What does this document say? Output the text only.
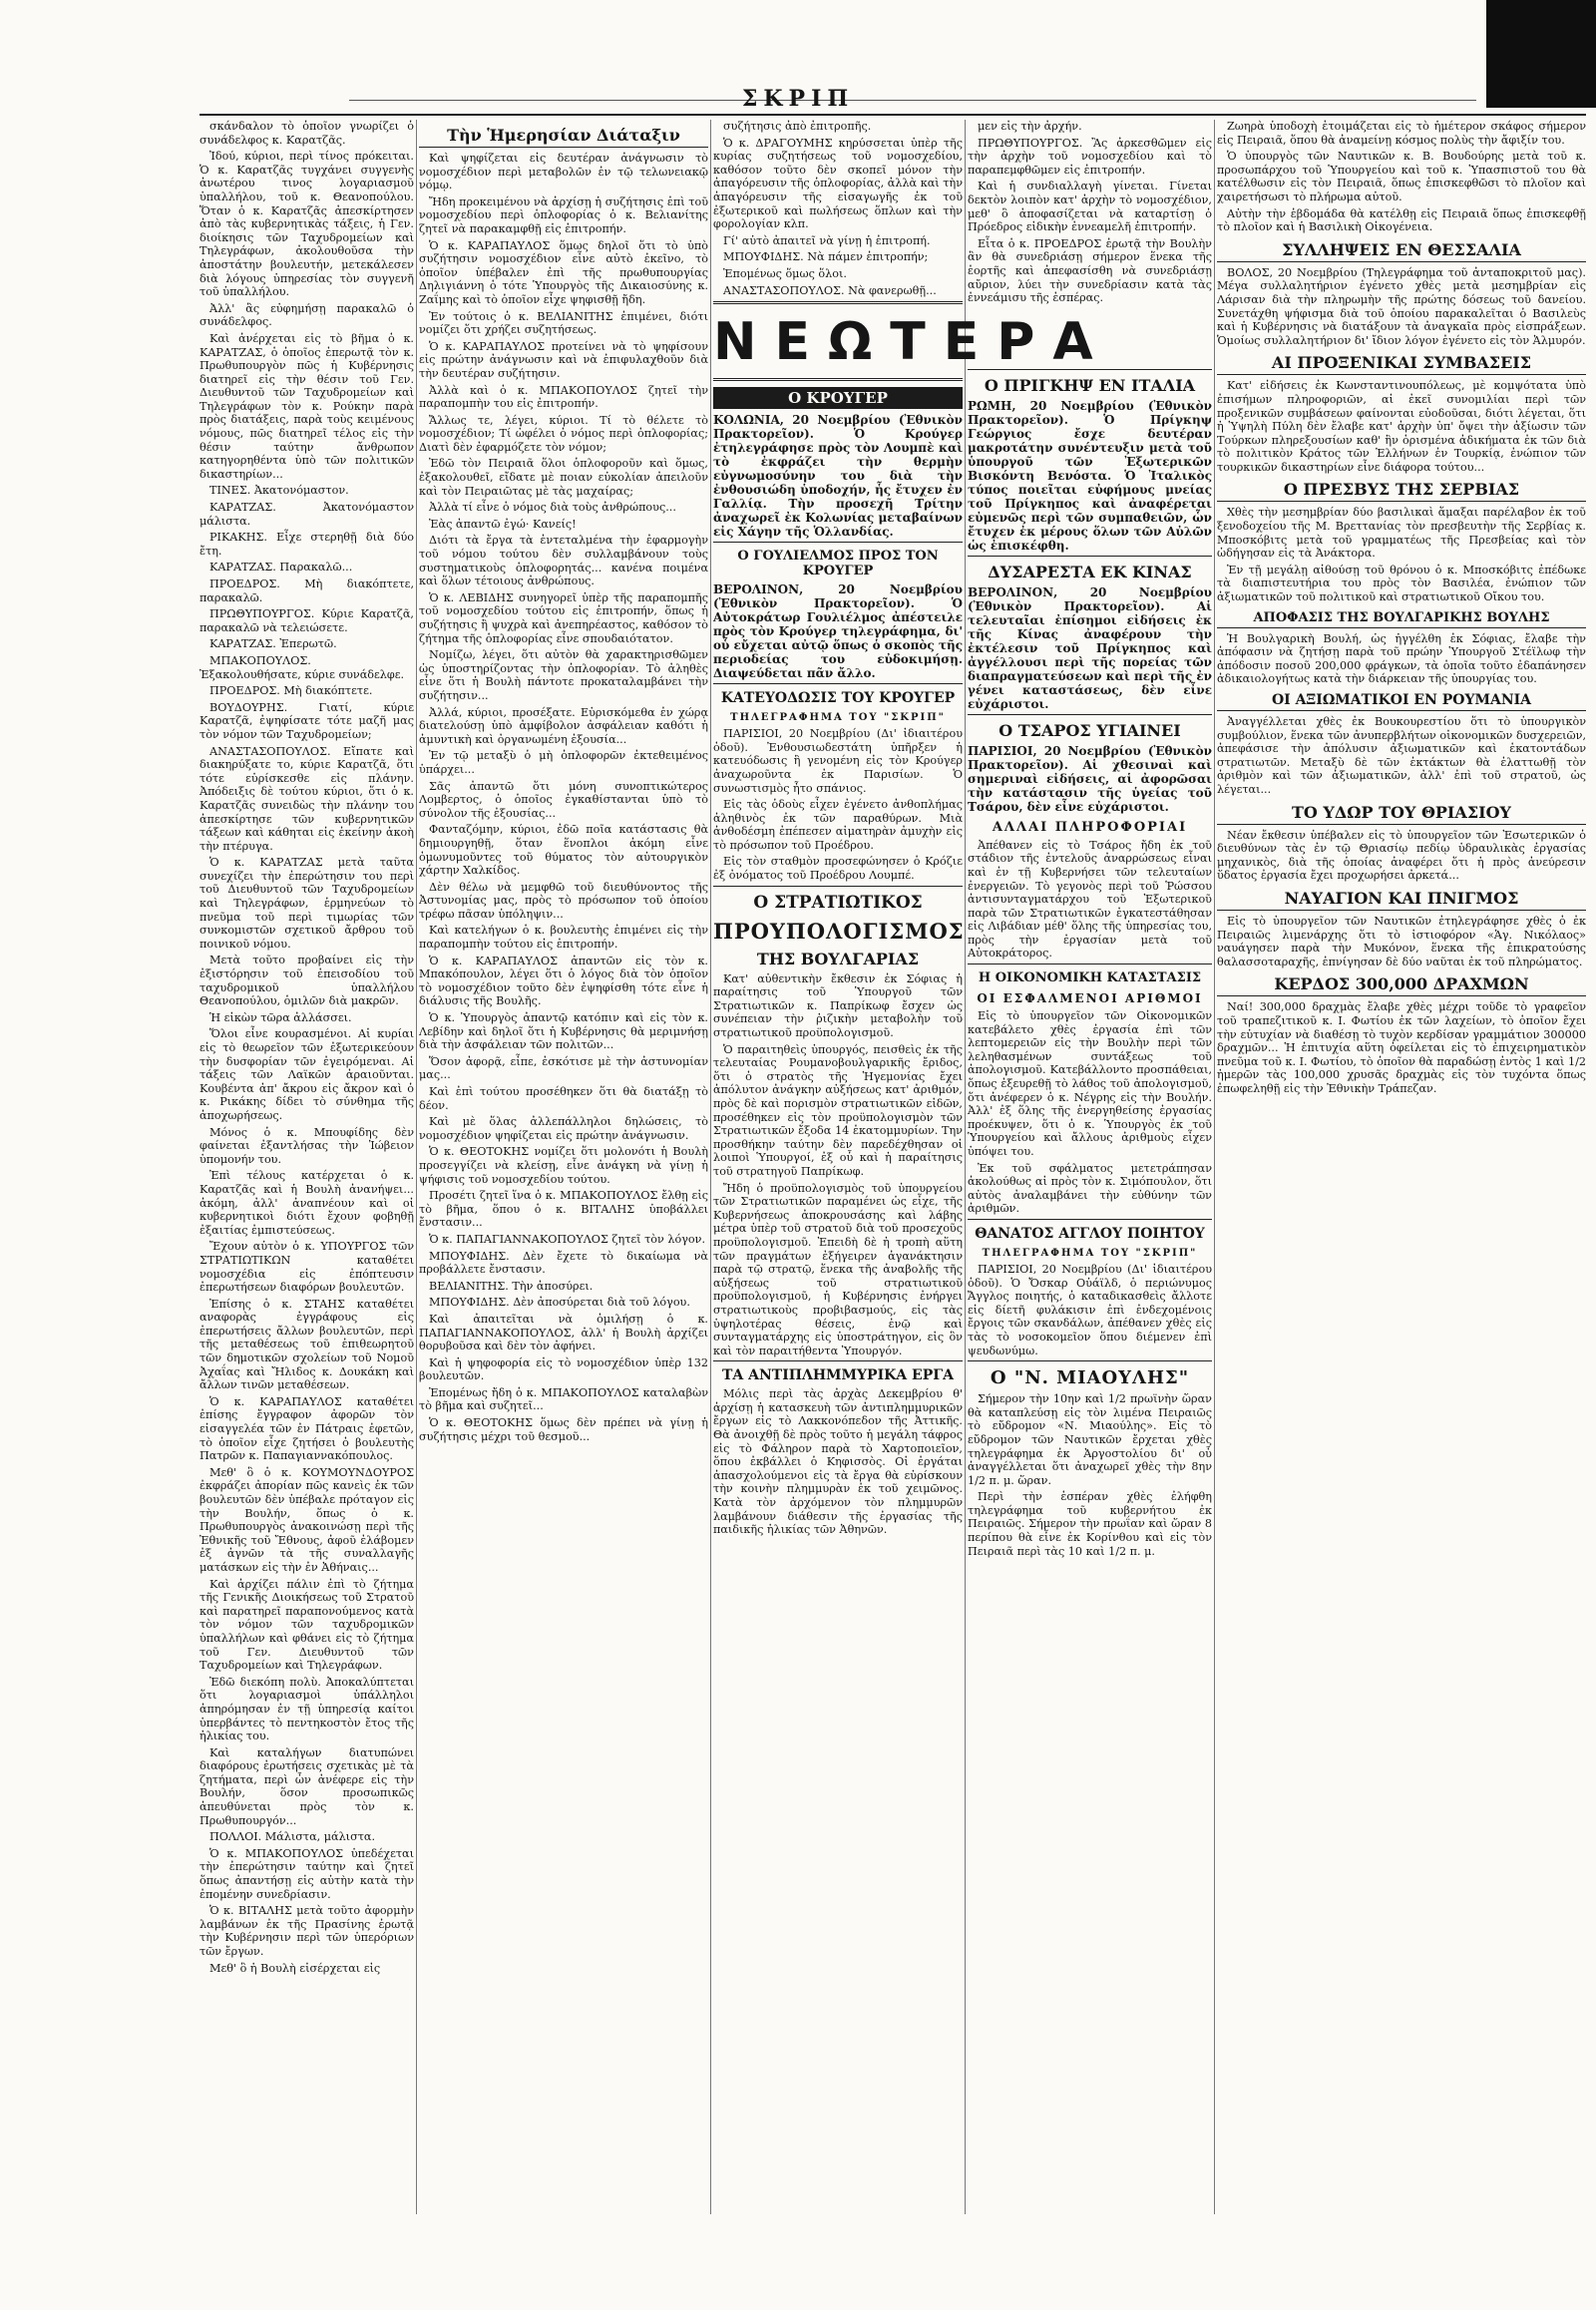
ΣΚΡΙΠ

σκάνδαλον τὸ ὁποῖον γνωρίζει ὁ συνάδελφος κ. Καρατζᾶς.

Ἰδού, κύριοι, περὶ τίνος πρόκειται. Ὁ κ. Καρατζᾶς τυγχάνει συγγενὴς ἀνωτέρου τινος λογαριασμοῦ ὑπαλλήλου, τοῦ κ. Θεανοπούλου. Ὅταν ὁ κ. Καρατζᾶς ἀπεσκίρτησεν ἀπὸ τὰς κυβερνητικὰς τάξεις, ἡ Γεν. διοίκησις τῶν Ταχυδρομείων καὶ Τηλεγράφων, ἀκολουθοῦσα τὴν ἀποστάτην βουλευτήν, μετεκάλεσεν διὰ λόγους ὑπηρεσίας τὸν συγγενῆ τοῦ ὑπαλλήλου.

Ἀλλ' ἂς εὐφημήσῃ παρακαλῶ ὁ συνάδελφος.

Καὶ ἀνέρχεται εἰς τὸ βῆμα ὁ κ. ΚΑΡΑΤΖΑΣ, ὁ ὁποῖος ἐπερωτᾷ τὸν κ. Πρωθυπουργὸν πῶς ἡ Κυβέρνησις διατηρεῖ εἰς τὴν θέσιν τοῦ Γεν. Διευθυντοῦ τῶν Ταχυδρομείων καὶ Τηλεγράφων τὸν κ. Ρούκην παρὰ πρὸς διατάξεις, παρὰ τοὺς κειμένους νόμους, πῶς διατηρεῖ τέλος εἰς τὴν θέσιν ταύτην ἄνθρωπον κατηγορηθέντα ὑπὸ τῶν πολιτικῶν δικαστηρίων...

ΤΙΝΕΣ. Ἀκατονόμαστον.

ΚΑΡΑΤΖΑΣ. Ἀκατονόμαστον μάλιστα.

ΡΙΚΑΚΗΣ. Εἶχε στερηθῇ διὰ δύο ἔτη.

ΚΑΡΑΤΖΑΣ. Παρακαλῶ...

ΠΡΟΕΔΡΟΣ. Μὴ διακόπτετε, παρακαλῶ.

ΠΡΩΘΥΠΟΥΡΓΟΣ. Κύριε Καρατζᾶ, παρακαλῶ νὰ τελειώσετε.

ΚΑΡΑΤΖΑΣ. Ἐπερωτῶ.

ΜΠΑΚΟΠΟΥΛΟΣ. Ἐξακολουθήσατε, κύριε συνάδελφε.

ΠΡΟΕΔΡΟΣ. Μὴ διακόπτετε.

ΒΟΥΔΟΥΡΗΣ. Γιατί, κύριε Καρατζᾶ, ἐψηφίσατε τότε μαζῆ μας τὸν νόμον τῶν Ταχυδρομείων;

ΑΝΑΣΤΑΣΟΠΟΥΛΟΣ. Εἴπατε καὶ διακηρύξατε το, κύριε Καρατζᾶ, ὅτι τότε εὑρίσκεσθε εἰς πλάνην. Ἀπόδειξις δὲ τούτου κύριοι, ὅτι ὁ κ. Καρατζᾶς συνειδὼς τὴν πλάνην του ἀπεσκίρτησε τῶν κυβερνητικῶν τάξεων καὶ κάθηται εἰς ἐκείνην ἀκοὴ τὴν πτέρυγα.

Ὁ κ. ΚΑΡΑΤΖΑΣ μετὰ ταῦτα συνεχίζει τὴν ἐπερώτησιν του περὶ τοῦ Διευθυντοῦ τῶν Ταχυδρομείων καὶ Τηλεγράφων, ἑρμηνεύων τὸ πνεῦμα τοῦ περὶ τιμωρίας τῶν συνκομιστῶν σχετικοῦ ἄρθρου τοῦ ποινικοῦ νόμου.

Μετὰ τοῦτο προβαίνει εἰς τὴν ἐξιστόρησιν τοῦ ἐπεισοδίου τοῦ ταχυδρομικοῦ ὑπαλλήλου Θεανοπούλου, ὁμιλῶν διὰ μακρῶν.

Ἡ εἰκὼν τῶρα ἀλλάσσει.

Ὅλοι εἶνε κουρασμένοι. Αἱ κυρίαι εἰς τὸ θεωρεῖον τῶν ἐξωτερικεύουν τὴν δυσφορίαν τῶν ἐγειρόμεναι. Αἱ τάξεις τῶν Λαϊκῶν ἀραιοῦνται. Κουβέντα ἀπ' ἄκρου εἰς ἄκρον καὶ ὁ κ. Ρικάκης δίδει τὸ σύνθημα τῆς ἀποχωρήσεως.

Μόνος ὁ κ. Μπουφίδης δὲν φαίνεται ἐξαντλήσας τὴν Ἰώβειον ὑπομονήν του.

Ἐπὶ τέλους κατέρχεται ὁ κ. Καρατζᾶς καὶ ἡ Βουλὴ ἀνανήψει... ἀκόμη, ἀλλ' ἀναπνέουν καὶ οἱ κυβερνητικοὶ διότι ἔχουν φοβηθῇ ἐξαιτίας ἐμπιστεύσεως.

Ἔχουν αὐτὸν ὁ κ. ΥΠΟΥΡΓΟΣ τῶν ΣΤΡΑΤΙΩΤΙΚΩΝ καταθέτει νομοσχέδια εἰς ἐπόπτευσιν ἐπερωτήσεων διαφόρων βουλευτῶν.

Ἐπίσης ὁ κ. ΣΤΑΗΣ καταθέτει αναφορὰς ἐγγράφους εἰς ἐπερωτήσεις ἄλλων βουλευτῶν, περὶ τῆς μεταθέσεως τοῦ ἐπιθεωρητοῦ τῶν δημοτικῶν σχολείων τοῦ Νομοῦ Ἀχαΐας καὶ Ἤλιδος κ. Δουκάκη καὶ ἄλλων τινῶν μεταθέσεων.

Ὁ κ. ΚΑΡΑΠΑΥΛΟΣ καταθέτει ἐπίσης ἔγγραφον ἀφορῶν τὸν εἰσαγγελέα τῶν ἐν Πάτραις ἐφετῶν, τὸ ὁποῖον εἶχε ζητήσει ὁ βουλευτὴς Πατρῶν κ. Παπαγιαννακόπουλος.

Μεθ' ὃ ὁ κ. ΚΟΥΜΟΥΝΔΟΥΡΟΣ ἐκφράζει ἀπορίαν πῶς κανεὶς ἐκ τῶν βουλευτῶν δὲν ὑπέβαλε πρόταγον εἰς τὴν Βουλήν, ὅπως ὁ κ. Πρωθυπουργὸς ἀνακοινώσῃ περὶ τῆς Ἐθνικῆς τοῦ Ἔθνους, ἀφοῦ ἐλάβομεν ἐξ ἀγνῶν τὰ τῆς συναλλαγῆς ματάσκων εἰς τὴν ἐν Ἀθήναις...

Καὶ ἀρχίζει πάλιν ἐπὶ τὸ ζήτημα τῆς Γενικῆς Διοικήσεως τοῦ Στρατοῦ καὶ παρατηρεῖ παραπονούμενος κατὰ τὸν νόμον τῶν ταχυδρομικῶν ὑπαλλήλων καὶ φθάνει εἰς τὸ ζήτημα τοῦ Γεν. Διευθυντοῦ τῶν Ταχυδρομείων καὶ Τηλεγράφων.

Ἐδῶ διεκόπη πολὺ. Ἀποκαλύπτεται ὅτι λογαριασμοὶ ὑπάλληλοι ἀπηρόμησαν ἐν τῇ ὑπηρεσίᾳ καίτοι ὑπερβάντες τὸ πεντηκοστὸν ἔτος τῆς ἡλικίας του.

Καὶ καταλήγων διατυπώνει διαφόρους ἐρωτήσεις σχετικὰς μὲ τὰ ζητήματα, περὶ ὧν ἀνέφερε εἰς τὴν Βουλήν, ὅσον προσωπικῶς ἀπευθύνεται πρὸς τὸν κ. Πρωθυπουργόν...

ΠΟΛΛΟΙ. Μάλιστα, μάλιστα.

Ὁ κ. ΜΠΑΚΟΠΟΥΛΟΣ ὑπεδέχεται τὴν ἐπερώτησιν ταύτην καὶ ζητεῖ ὅπως ἀπαντήσῃ εἰς αὐτὴν κατὰ τὴν ἐπομένην συνεδρίασιν.

Ὁ κ. ΒΙΤΑΛΗΣ μετὰ τοῦτο ἀφορμὴν λαμβάνων ἐκ τῆς Πρασίνης ἐρωτᾷ τὴν Κυβέρνησιν περὶ τῶν ὑπερόριων τῶν ἔργων.

Μεθ' ὃ ἡ Βουλὴ εἰσέρχεται εἰς

Τὴν Ἡμερησίαν Διάταξιν

Καὶ ψηφίζεται εἰς δευτέραν ἀνάγνωσιν τὸ νομοσχέδιον περὶ μεταβολῶν ἐν τῷ τελωνειακῷ νόμῳ.

Ἤδη προκειμένου νὰ ἀρχίσῃ ἡ συζήτησις ἐπὶ τοῦ νομοσχεδίου περὶ ὁπλοφορίας ὁ κ. Βελιανίτης ζητεῖ νὰ παρακαμφθῇ εἰς ἐπιτροπήν.

Ὁ κ. ΚΑΡΑΠΑΥΛΟΣ ὅμως δηλοῖ ὅτι τὸ ὑπὸ συζήτησιν νομοσχέδιον εἶνε αὐτὸ ἐκεῖνο, τὸ ὁποῖον ὑπέβαλεν ἐπὶ τῆς πρωθυπουργίας Δηλιγιάννη ὁ τότε Ὑπουργὸς τῆς Δικαιοσύνης κ. Ζαΐμης καὶ τὸ ὁποῖον εἶχε ψηφισθῇ ἤδη.

Ἐν τούτοις ὁ κ. ΒΕΛΙΑΝΙΤΗΣ ἐπιμένει, διότι νομίζει ὅτι χρήζει συζητήσεως.

Ὁ κ. ΚΑΡΑΠΑΥΛΟΣ προτείνει νὰ τὸ ψηφίσουν εἰς πρώτην ἀνάγνωσιν καὶ νὰ ἐπιφυλαχθοῦν διὰ τὴν δευτέραν συζήτησιν.

Ἀλλὰ καὶ ὁ κ. ΜΠΑΚΟΠΟΥΛΟΣ ζητεῖ τὴν παραπομπὴν του εἰς ἐπιτροπήν.

Ἄλλως τε, λέγει, κύριοι. Τί τὸ θέλετε τὸ νομοσχέδιον; Τί ὠφέλει ὁ νόμος περὶ ὁπλοφορίας; Διατὶ δὲν ἐφαρμόζετε τὸν νόμον;

Ἐδῶ τὸν Πειραιᾶ ὅλοι ὁπλοφοροῦν καὶ ὅμως, ἐξακολουθεῖ, εἴδατε μὲ ποιαν εὐκολίαν ἀπειλοῦν καὶ τὸν Πειραιῶτας μὲ τὰς μαχαίρας;

Ἀλλὰ τί εἶνε ὁ νόμος διὰ τοὺς ἀνθρώπους...

Ἐὰς ἀπαντῶ ἐγώ· Κανείς!

Διότι τὰ ἔργα τὰ ἐντεταλμένα τὴν ἐφαρμογὴν τοῦ νόμου τούτου δὲν συλλαμβάνουν τοὺς συστηματικοὺς ὁπλοφορητάς... κανένα ποιμένα καὶ ὅλων τέτοιους ἀνθρώπους.

Ὁ κ. ΛΕΒΙΔΗΣ συνηγορεῖ ὑπὲρ τῆς παραπομπῆς τοῦ νομοσχεδίου τούτου εἰς ἐπιτροπήν, ὅπως ἡ συζήτησις ἢ ψυχρὰ καὶ ἀνεπηρέαστος, καθόσον τὸ ζήτημα τῆς ὁπλοφορίας εἶνε σπουδαιότατον.

Νομίζω, λέγει, ὅτι αὐτὸν θὰ χαρακτηρισθῶμεν ὡς ὑποστηρίζοντας τὴν ὁπλοφορίαν. Τὸ ἀληθὲς εἶνε ὅτι ἡ Βουλὴ πάντοτε προκαταλαμβάνει τὴν συζήτησιν...

Ἀλλά, κύριοι, προσέξατε. Εὑρισκόμεθα ἐν χώρᾳ διατελούσῃ ὑπὸ ἀμφίβολον ἀσφάλειαν καθότι ἡ ἀμυντικὴ καὶ ὀργανωμένη ἐξουσία...

Ἐν τῷ μεταξὺ ὁ μὴ ὁπλοφορῶν ἐκτεθειμένος ὑπάρχει...

Σᾶς ἀπαντῶ ὅτι μόνη συνοπτικώτερος Λομβερτος, ὁ ὁποῖος ἐγκαθίστανται ὑπὸ τὸ σύνολον τῆς ἐξουσίας...

Φανταζόμην, κύριοι, ἐδῶ ποῖα κατάστασις θὰ δημιουργηθῇ, ὅταν ἕνοπλοι ἀκόμη εἶνε ὁμωνυμοῦντες τοῦ θύματος τὸν αὐτουργικὸν χάρτην Χαλκίδος.

Δὲν θέλω νὰ μεμφθῶ τοῦ διευθύνοντος τῆς Ἀστυνομίας μας, πρὸς τὸ πρόσωπον τοῦ ὁποίου τρέφω πᾶσαν ὑπόληψιν...

Καὶ κατελήγων ὁ κ. βουλευτὴς ἐπιμένει εἰς τὴν παραπομπὴν τούτου εἰς ἐπιτροπήν.

Ὁ κ. ΚΑΡΑΠΑΥΛΟΣ ἀπαντῶν εἰς τὸν κ. Μπακόπουλον, λέγει ὅτι ὁ λόγος διὰ τὸν ὁποῖον τὸ νομοσχέδιον τοῦτο δὲν ἐψηφίσθη τότε εἶνε ἡ διάλυσις τῆς Βουλῆς.

Ὁ κ. Ὑπουργὸς ἀπαντῷ κατόπιν καὶ εἰς τὸν κ. Λεβίδην καὶ δηλοῖ ὅτι ἡ Κυβέρνησις θὰ μεριμνήσῃ διὰ τὴν ἀσφάλειαν τῶν πολιτῶν...

Ὅσον ἀφορᾷ, εἶπε, ἐσκότισε μὲ τὴν ἀστυνομίαν μας...

Καὶ ἐπὶ τούτου προσέθηκεν ὅτι θὰ διατάξῃ τὸ δέον.

Καὶ μὲ ὅλας ἀλλεπάλληλοι δηλώσεις, τὸ νομοσχέδιον ψηφίζεται εἰς πρώτην ἀνάγνωσιν.

Ὁ κ. ΘΕΟΤΟΚΗΣ νομίζει ὅτι μολονότι ἡ Βουλὴ προσεγγίζει νὰ κλείσῃ, εἶνε ἀνάγκη νὰ γίνῃ ἡ ψήφισις τοῦ νομοσχεδίου τούτου.

Προσέτι ζητεῖ ἵνα ὁ κ. ΜΠΑΚΟΠΟΥΛΟΣ ἔλθῃ εἰς τὸ βῆμα, ὅπου ὁ κ. ΒΙΤΑΛΗΣ ὑποβάλλει ἔνστασιν...

Ὁ κ. ΠΑΠΑΓΙΑΝΝΑΚΟΠΟΥΛΟΣ ζητεῖ τὸν λόγον.

ΜΠΟΥΦΙΔΗΣ. Δὲν ἔχετε τὸ δικαίωμα νὰ προβάλλετε ἔνστασιν.

ΒΕΛΙΑΝΙΤΗΣ. Τὴν ἀποσύρει.

ΜΠΟΥΦΙΔΗΣ. Δὲν ἀποσύρεται διὰ τοῦ λόγου.

Καὶ ἀπαιτεῖται νὰ ὁμιλήσῃ ὁ κ. ΠΑΠΑΓΙΑΝΝΑΚΟΠΟΥΛΟΣ, ἀλλ' ἡ Βουλὴ ἀρχίζει θορυβοῦσα καὶ δὲν τὸν ἀφήνει.

Καὶ ἡ ψηφοφορία εἰς τὸ νομοσχέδιον ὑπὲρ 132 βουλευτῶν.

Ἐπομένως ἤδη ὁ κ. ΜΠΑΚΟΠΟΥΛΟΣ καταλαβὼν τὸ βῆμα καὶ συζητεῖ...

Ὁ κ. ΘΕΟΤΟΚΗΣ ὅμως δὲν πρέπει νὰ γίνῃ ἡ συζήτησις μέχρι τοῦ θεσμοῦ...

συζήτησις ἀπὸ ἐπιτροπῆς.

Ὁ κ. ΔΡΑΓΟΥΜΗΣ κηρύσσεται ὑπὲρ τῆς κυρίας συζητήσεως τοῦ νομοσχεδίου, καθόσον τοῦτο δὲν σκοπεῖ μόνον τὴν ἀπαγόρευσιν τῆς ὁπλοφορίας, ἀλλὰ καὶ τὴν ἀπαγόρευσιν τῆς εἰσαγωγῆς ἐκ τοῦ ἐξωτερικοῦ καὶ πωλήσεως ὅπλων καὶ τὴν φορολογίαν κλπ.

Γί' αὐτὸ ἀπαιτεῖ νὰ γίνῃ ἡ ἐπιτροπή.

ΜΠΟΥΦΙΔΗΣ. Νὰ πάμεν ἐπιτροπήν;

Ἐπομένως ὅμως ὅλοι.

ΑΝΑΣΤΑΣΟΠΟΥΛΟΣ. Νὰ φανερωθῇ...

ΝΕΩΤΕΡΑ
Ο ΚΡΟΥΓΕΡ

ΚΟΛΩΝΙΑ, 20 Νοεμβρίου (Ἐθνικὸν Πρακτορεῖον). Ὁ Κρούγερ ἐτηλεγράφησε πρὸς τὸν Λουμπὲ καὶ τὸ ἐκφράζει τὴν θερμὴν εὐγνωμοσύνην του διὰ τὴν ἐνθουσιώδη ὑποδοχήν, ἧς ἔτυχεν ἐν Γαλλίᾳ. Τὴν προσεχῆ Τρίτην ἀναχωρεῖ ἐκ Κολωνίας μεταβαίνων εἰς Χάγην τῆς Ὁλλανδίας.

Ο ΓΟΥΛΙΕΛΜΟΣ ΠΡΟΣ ΤΟΝ ΚΡΟΥΓΕΡ

ΒΕΡΟΛΙΝΟΝ, 20 Νοεμβρίου (Ἐθνικὸν Πρακτορεῖον). Ὁ Αὐτοκράτωρ Γουλιέλμος ἀπέστειλε πρὸς τὸν Κρούγερ τηλεγράφημα, δι' οὗ εὔχεται αὐτῷ ὅπως ὁ σκοπὸς τῆς περιοδείας του εὐδοκιμήσῃ. Διαψεύδεται πᾶν ἄλλο.

ΚΑΤΕΥΟΔΩΣΙΣ ΤΟΥ ΚΡΟΥΓΕΡ
ΤΗΛΕΓΡΑΦΗΜΑ ΤΟΥ "ΣΚΡΙΠ"

ΠΑΡΙΣΙΟΙ, 20 Νοεμβρίου (Δι' ἰδιαιτέρου ὁδοῦ). Ἐνθουσιωδεστάτη ὑπῆρξεν ἡ κατευόδωσις ἣ γενομένη εἰς τὸν Κρούγερ ἀναχωροῦντα ἐκ Παρισίων. Ὁ συνωστισμὸς ἦτο σπάνιος.

Εἰς τὰς ὁδοὺς εἶχεν ἐγένετο ἀνθοπλήμας ἀληθινὸς ἐκ τῶν παραθύρων. Μιὰ ἀνθοδέσμη ἐπέπεσεν αἰματηρὰν ἀμυχὴν εἰς τὸ πρόσωπον τοῦ Προέδρου.

Εἰς τὸν σταθμὸν προσεφώνησεν ὁ Κρόζιε ἐξ ὀνόματος τοῦ Προέδρου Λουμπέ.

Ο ΣΤΡΑΤΙΩΤΙΚΟΣ
ΠΡΟΥΠΟΛΟΓΙΣΜΟΣ
ΤΗΣ ΒΟΥΛΓΑΡΙΑΣ

Κατ' αὐθεντικὴν ἔκθεσιν ἐκ Σόφιας ἡ παραίτησις τοῦ Ὑπουργοῦ τῶν Στρατιωτικῶν κ. Παπρίκωφ ἔσχεν ὡς συνέπειαν τὴν ῥιζικὴν μεταβολὴν τοῦ στρατιωτικοῦ προϋπολογισμοῦ.

Ὁ παραιτηθεὶς ὑπουργός, πεισθεὶς ἐκ τῆς τελευταίας Ρουμανοβουλγαρικῆς ἔριδος, ὅτι ὁ στρατὸς τῆς Ἡγεμονίας ἔχει ἀπόλυτον ἀνάγκην αὐξήσεως κατ' ἀριθμόν, πρὸς δὲ καὶ πορισμὸν στρατιωτικῶν εἰδῶν, προσέθηκεν εἰς τὸν προϋπολογισμὸν τῶν Στρατιωτικῶν ἔξοδα 14 ἑκατομμυρίων. Την προσθήκην ταύτην δὲν παρεδέχθησαν οἱ λοιποὶ Ὑπουργοί, ἐξ οὗ καὶ ἡ παραίτησις τοῦ στρατηγοῦ Παπρίκωφ.

Ἤδη ὁ προϋπολογισμὸς τοῦ ὑπουργείου τῶν Στρατιωτικῶν παραμένει ὡς εἶχε, τῆς Κυβερνήσεως ἀποκρουσάσης καὶ λάβης μέτρα ὑπὲρ τοῦ στρατοῦ διὰ τοῦ προσεχοῦς προϋπολογισμοῦ. Ἐπειδὴ δὲ ἡ τροπὴ αὕτη τῶν πραγμάτων ἐξήγειρεν ἀγανάκτησιν παρὰ τῷ στρατῷ, ἕνεκα τῆς ἀναβολῆς τῆς αὐξήσεως τοῦ στρατιωτικοῦ προϋπολογισμοῦ, ἡ Κυβέρνησις ἐνήργει στρατιωτικοὺς προβιβασμούς, εἰς τὰς ὑψηλοτέρας θέσεις, ἐνῷ καὶ συνταγματάρχης εἰς ὑποστράτηγον, εἰς ὃν καὶ τὸν παραιτήθεντα Ὑπουργόν.

ΤΑ ΑΝΤΙΠΛΗΜΜΥΡΙΚΑ ΕΡΓΑ

Μόλις περὶ τὰς ἀρχὰς Δεκεμβρίου θ' ἀρχίσῃ ἡ κατασκευὴ τῶν ἀντιπλημμυρικῶν ἔργων εἰς τὸ Λακκονόπεδον τῆς Ἀττικῆς. Θὰ ἀνοιχθῇ δὲ πρὸς τοῦτο ἡ μεγάλη τάφρος εἰς τὸ Φάληρον παρὰ τὸ Χαρτοποιεῖον, ὅπου ἐκβάλλει ὁ Κηφισσὸς. Οἱ ἐργάται ἀπασχολούμενοι εἰς τὰ ἔργα θὰ εὑρίσκουν τὴν κοινὴν πλημμυρὰν ἐκ τοῦ χειμῶνος. Κατὰ τὸν ἀρχόμενον τὸν πλημμυρῶν λαμβάνουν διάθεσιν τῆς ἐργασίας τῆς παιδικῆς ἡλικίας τῶν Ἀθηνῶν.

μεν εἰς τὴν ἀρχήν.

ΠΡΩΘΥΠΟΥΡΓΟΣ. Ἂς ἀρκεσθῶμεν εἰς τὴν ἀρχὴν τοῦ νομοσχεδίου καὶ τὸ παραπεμφθῶμεν εἰς ἐπιτροπήν.

Καὶ ἡ συνδιαλλαγὴ γίνεται. Γίνεται δεκτὸν λοιπὸν κατ' ἀρχὴν τὸ νομοσχέδιον, μεθ' ὃ ἀποφασίζεται νὰ καταρτίσῃ ὁ Πρόεδρος εἰδικὴν ἐννεαμελῆ ἐπιτροπήν.

Εἶτα ὁ κ. ΠΡΟΕΔΡΟΣ ἐρωτᾷ τὴν Βουλὴν ἂν θὰ συνεδριάσῃ σήμερον ἕνεκα τῆς ἑορτῆς καὶ ἀπεφασίσθη νὰ συνεδριάσῃ αὔριον, λύει τὴν συνεδρίασιν κατὰ τὰς ἐννεάμισυ τῆς ἑσπέρας.

Ο ΠΡΙΓΚΗΨ ΕΝ ΙΤΑΛΙΑ

ΡΩΜΗ, 20 Νοεμβρίου (Ἐθνικὸν Πρακτορεῖον). Ὁ Πρίγκηψ Γεώργιος ἔσχε δευτέραν μακροτάτην συνέντευξιν μετὰ τοῦ ὑπουργοῦ τῶν Ἐξωτερικῶν Βισκόντη Βενόστα. Ὁ Ἰταλικὸς τύπος ποιεῖται εὐφήμους μνείας τοῦ Πρίγκηπος καὶ ἀναφέρεται εὐμενῶς περὶ τῶν συμπαθειῶν, ὧν ἔτυχεν ἐκ μέρους ὅλων τῶν Αὐλῶν ὡς ἐπισκέφθη.

ΔΥΣΑΡΕΣΤΑ ΕΚ ΚΙΝΑΣ

ΒΕΡΟΛΙΝΟΝ, 20 Νοεμβρίου (Ἐθνικὸν Πρακτορεῖον). Αἱ τελευταῖαι ἐπίσημοι εἰδήσεις ἐκ τῆς Κίνας ἀναφέρουν τὴν ἐκτέλεσιν τοῦ Πρίγκηπος καὶ ἀγγέλλουσι περὶ τῆς πορείας τῶν διαπραγματεύσεων καὶ περὶ τῆς ἐν γένει καταστάσεως, δὲν εἶνε εὐχάριστοι.

Ο ΤΣΑΡΟΣ ΥΓΙΑΙΝΕΙ

ΠΑΡΙΣΙΟΙ, 20 Νοεμβρίου (Ἐθνικὸν Πρακτορεῖον). Αἱ χθεσιναὶ καὶ σημεριναὶ εἰδήσεις, αἱ ἀφορῶσαι τὴν κατάστασιν τῆς ὑγείας τοῦ Τσάρου, δὲν εἶνε εὐχάριστοι.

ΑΛΛΑΙ ΠΛΗΡΟΦΟΡΙΑΙ

Ἀπέθανεν εἰς τὸ Τσάρος ἤδη ἐκ τοῦ στάδιον τῆς ἐντελοῦς ἀναρρώσεως εἶναι καὶ ἐν τῇ Κυβερνήσει τῶν τελευταίων ἐνεργειῶν. Τὸ γεγονὸς περὶ τοῦ Ῥώσσου ἀντισυνταγματάρχου τοῦ Ἐξωτερικοῦ παρὰ τῶν Στρατιωτικῶν ἐγκατεστάθησαν εἰς Λιβάδιαν μέθ' ὅλης τῆς ὑπηρεσίας του, πρὸς τὴν ἐργασίαν μετὰ τοῦ Αὐτοκράτορος.

Η ΟΙΚΟΝΟΜΙΚΗ ΚΑΤΑΣΤΑΣΙΣ
ΟΙ ΕΣΦΑΛΜΕΝΟΙ ΑΡΙΘΜΟΙ

Εἰς τὸ ὑπουργεῖον τῶν Οἰκονομικῶν κατεβάλετο χθὲς ἐργασία ἐπὶ τῶν λεπτομερειῶν εἰς τὴν Βουλὴν περὶ τῶν λεληθασμένων συντάξεως τοῦ ἀπολογισμοῦ. Κατεβάλλοντο προσπάθειαι, ὅπως ἐξευρεθῇ τὸ λάθος τοῦ ἀπολογισμοῦ, ὅτι ἀνέφερεν ὁ κ. Νέγρης εἰς τὴν Βουλήν. Ἀλλ' ἐξ ὅλης τῆς ἐνεργηθείσης ἐργασίας προέκυψεν, ὅτι ὁ κ. Ὑπουργὸς ἐκ τοῦ Ὑπουργείου καὶ ἄλλους ἀριθμοὺς εἶχεν ὑπόψει του.

Ἐκ τοῦ σφάλματος μετετράπησαν ἀκολούθως αἱ πρὸς τὸν κ. Σιμόπουλον, ὅτι αὐτὸς ἀναλαμβάνει τὴν εὐθύνην τῶν ἀριθμῶν.

ΘΑΝΑΤΟΣ ΑΓΓΛΟΥ ΠΟΙΗΤΟΥ
ΤΗΛΕΓΡΑΦΗΜΑ ΤΟΥ "ΣΚΡΙΠ"

ΠΑΡΙΣΙΟΙ, 20 Νοεμβρίου (Δι' ἰδιαιτέρου ὁδοῦ). Ὁ Ὄσκαρ Οὐάϊλδ, ὁ περιώνυμος Ἄγγλος ποιητής, ὁ καταδικασθεὶς ἄλλοτε εἰς δίετῆ φυλάκισιν ἐπὶ ἐνδεχομένοις ἔργοις τῶν σκανδάλων, ἀπέθανεν χθὲς εἰς τὰς τὸ νοσοκομεῖον ὅπου διέμενεν ἐπὶ ψευδωνύμω.

Ο "Ν. ΜΙΑΟΥΛΗΣ"

Σήμερον τὴν 10ην καὶ 1/2 πρωϊνὴν ὥραν θὰ καταπλεύσῃ εἰς τὸν λιμένα Πειραιῶς τὸ εὔδρομον «Ν. Μιαούλης». Εἰς τὸ εὔδρομον τῶν Ναυτικῶν ἔρχεται χθὲς τηλεγράφημα ἐκ Ἀργοστολίου δι' οὗ ἀναγγέλλεται ὅτι ἀναχωρεῖ χθὲς τὴν 8ην 1/2 π. μ. ὥραν.

Περὶ τὴν ἑσπέραν χθὲς ἐλήφθη τηλεγράφημα τοῦ κυβερνήτου ἐκ Πειραιῶς. Σήμερον τὴν πρωΐαν καὶ ὥραν 8 περίπου θὰ εἶνε ἐκ Κορίνθου καὶ εἰς τὸν Πειραιᾶ περὶ τὰς 10 καὶ 1/2 π. μ.

Ζωηρὰ ὑποδοχὴ ἑτοιμάζεται εἰς τὸ ἡμέτερον σκάφος σήμερον εἰς Πειραιᾶ, ὅπου θὰ ἀναμείνῃ κόσμος πολὺς τὴν ἄφιξίν του.

Ὁ ὑπουργὸς τῶν Ναυτικῶν κ. Β. Βουδούρης μετὰ τοῦ κ. προσωπάρχου τοῦ Ὑπουργείου καὶ τοῦ κ. Ὑπασπιστοῦ του θὰ κατέλθωσιν εἰς τὸν Πειραιᾶ, ὅπως ἐπισκεφθῶσι τὸ πλοῖον καὶ χαιρετήσωσι τὸ πλήρωμα αὐτοῦ.

Αὐτὴν τὴν ἑβδομάδα θὰ κατέλθῃ εἰς Πειραιᾶ ὅπως ἐπισκεφθῇ τὸ πλοῖον καὶ ἡ Βασιλικὴ Οἰκογένεια.

ΣΥΛΛΗΨΕΙΣ ΕΝ ΘΕΣΣΑΛΙΑ

ΒΟΛΟΣ, 20 Νοεμβρίου (Τηλεγράφημα τοῦ ἀνταποκριτοῦ μας). Μέγα συλλαλητήριον ἐγένετο χθὲς μετὰ μεσημβρίαν εἰς Λάρισαν διὰ τὴν πληρωμὴν τῆς πρώτης δόσεως τοῦ δανείου. Συνετάχθη ψήφισμα διὰ τοῦ ὁποίου παρακαλεῖται ὁ Βασιλεὺς καὶ ἡ Κυβέρνησις νὰ διατάξουν τὰ ἀναγκαῖα πρὸς εἰσπράξεων. Ὁμοίως συλλαλητήριον δι' ἴδιον λόγον ἐγένετο εἰς τὸν Ἁλμυρόν.

ΑΙ ΠΡΟΞΕΝΙΚΑΙ ΣΥΜΒΑΣΕΙΣ

Κατ' εἰδήσεις ἐκ Κωνσταντινουπόλεως, μὲ κομψότατα ὑπὸ ἐπισήμων πληροφοριῶν, αἱ ἐκεῖ συνομιλίαι περὶ τῶν προξενικῶν συμβάσεων φαίνονται εὐοδοῦσαι, διότι λέγεται, ὅτι ἡ Ὑψηλὴ Πύλη δὲν ἔλαβε κατ' ἀρχὴν ὑπ' ὄψει τὴν ἀξίωσιν τῶν Τούρκων πληρεξουσίων καθ' ἣν ὁρισμένα ἀδικήματα ἐκ τῶν διὰ τὸ πολιτικὸν Κράτος τῶν Ἑλλήνων ἐν Τουρκίᾳ, ἐνώπιον τῶν τουρκικῶν δικαστηρίων εἶνε διάφορα τούτου...

Ο ΠΡΕΣΒΥΣ ΤΗΣ ΣΕΡΒΙΑΣ

Χθὲς τὴν μεσημβρίαν δύο βασιλικαὶ ἅμαξαι παρέλαβον ἐκ τοῦ ξενοδοχείου τῆς Μ. Βρεττανίας τὸν πρεσβευτὴν τῆς Σερβίας κ. Μποσκόβιτς μετὰ τοῦ γραμματέως τῆς Πρεσβείας καὶ τὸν ὡδήγησαν εἰς τὰ Ἀνάκτορα.

Ἐν τῇ μεγάλῃ αἰθούσῃ τοῦ θρόνου ὁ κ. Μποσκόβιτς ἐπέδωκε τὰ διαπιστευτήρια του πρὸς τὸν Βασιλέα, ἐνώπιον τῶν ἀξιωματικῶν τοῦ πολιτικοῦ καὶ στρατιωτικοῦ Οἴκου του.

ΑΠΟΦΑΣΙΣ ΤΗΣ ΒΟΥΛΓΑΡΙΚΗΣ ΒΟΥΛΗΣ

Ἡ Βουλγαρικὴ Βουλή, ὡς ἠγγέλθη ἐκ Σόφιας, ἔλαβε τὴν ἀπόφασιν νὰ ζητήσῃ παρὰ τοῦ πρώην Ὑπουργοῦ Στέϊλωφ τὴν ἀπόδοσιν ποσοῦ 200,000 φράγκων, τὰ ὁποῖα τοῦτο ἐδαπάνησεν ἀδικαιολογήτως κατὰ τὴν διάρκειαν τῆς ὑπουργίας του.

ΟΙ ΑΞΙΩΜΑΤΙΚΟΙ ΕΝ ΡΟΥΜΑΝΙΑ

Ἀναγγέλλεται χθὲς ἐκ Βουκουρεστίου ὅτι τὸ ὑπουργικὸν συμβούλιον, ἕνεκα τῶν ἀνυπερβλήτων οἰκονομικῶν δυσχερειῶν, ἀπεφάσισε τὴν ἀπόλυσιν ἀξιωματικῶν καὶ ἑκατοντάδων στρατιωτῶν. Μεταξὺ δὲ τῶν ἐκτάκτων θὰ ἐλαττωθῇ τὸν ἀριθμὸν καὶ τῶν ἀξιωματικῶν, ἀλλ' ἐπὶ τοῦ στρατοῦ, ὡς λέγεται...

ΤΟ ΥΔΩΡ ΤΟΥ ΘΡΙΑΣΙΟΥ

Νέαν ἔκθεσιν ὑπέβαλεν εἰς τὸ ὑπουργεῖον τῶν Ἐσωτερικῶν ὁ διευθύνων τὰς ἐν τῷ Θριασίῳ πεδίῳ ὑδραυλικὰς ἐργασίας μηχανικὸς, διὰ τῆς ὁποίας ἀναφέρει ὅτι ἡ πρὸς ἀνεύρεσιν ὕδατος ἐργασία ἔχει προχωρήσει ἀρκετά...

ΝΑΥΑΓΙΟΝ ΚΑΙ ΠΝΙΓΜΟΣ

Εἰς τὸ ὑπουργεῖον τῶν Ναυτικῶν ἐτηλεγράφησε χθὲς ὁ ἐκ Πειραιῶς λιμενάρχης ὅτι τὸ ἰστιοφόρον «Ἁγ. Νικόλαος» ναυάγησεν παρὰ τὴν Μυκόνον, ἕνεκα τῆς ἐπικρατούσης θαλασσοταραχῆς, ἐπνίγησαν δὲ δύο ναῦται ἐκ τοῦ πληρώματος.

ΚΕΡΔΟΣ 300,000 ΔΡΑΧΜΩΝ

Ναί! 300,000 δραχμὰς ἔλαβε χθὲς μέχρι τοῦδε τὸ γραφεῖον τοῦ τραπεζιτικοῦ κ. Ι. Φωτίου ἐκ τῶν λαχείων, τὸ ὁποῖον ἔχει τὴν εὐτυχίαν νὰ διαθέσῃ τὸ τυχὸν κερδίσαν γραμμάτιον 300000 δραχμῶν... Ἡ ἐπιτυχία αὕτη ὀφείλεται εἰς τὸ ἐπιχειρηματικὸν πνεῦμα τοῦ κ. Ι. Φωτίου, τὸ ὁποῖον θὰ παραδώσῃ ἐντὸς 1 καὶ 1/2 ἡμερῶν τὰς 100,000 χρυσᾶς δραχμὰς εἰς τὸν τυχόντα ὅπως ἐπωφεληθῇ εἰς τὴν Ἐθνικὴν Τράπεζαν.
